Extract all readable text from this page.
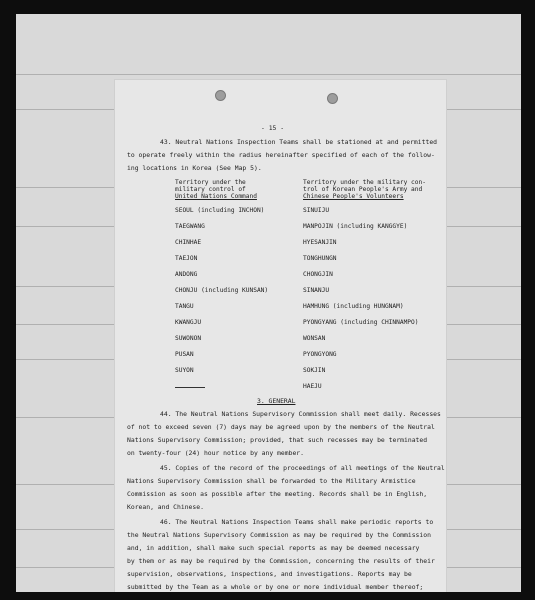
- 15 -
43. Neutral Nations Inspection Teams shall be stationed at and permitted
to operate freely within the radius hereinafter specified of each of the follow-
ing locations in Korea (See Map 5).
Territory under the
military control of
United Nations Command
Territory under the military con-
trol of Korean People's Army and
Chinese People's Volunteers
SEOUL (including INCHON)
TAEGWANG
CHINHAE
TAEJON
ANDONG
CHONJU (including KUNSAN)
TANGU
KWANGJU
SUWONON
PUSAN
SUYON
SINUIJU
MANPOJIN (including KANGGYE)
HYESANJIN
TONGHUNGN
CHONGJIN
SINANJU
HAMHUNG (including HUNGNAM)
PYONGYANG (including CHINNAMPO)
WONSAN
PYONGYONG
SOKJIN
HAEJU
3. GENERAL
44. The Neutral Nations Supervisory Commission shall meet daily. Recesses
of not to exceed seven (7) days may be agreed upon by the members of the Neutral
Nations Supervisory Commission; provided, that such recesses may be terminated
on twenty-four (24) hour notice by any member.
45. Copies of the record of the proceedings of all meetings of the Neutral
Nations Supervisory Commission shall be forwarded to the Military Armistice
Commission as soon as possible after the meeting. Records shall be in English,
Korean, and Chinese.
46. The Neutral Nations Inspection Teams shall make periodic reports to
the Neutral Nations Supervisory Commission as may be required by the Commission
and, in addition, shall make such special reports as may be deemed necessary
by them or as may be required by the Commission, concerning the results of their
supervision, observations, inspections, and investigations. Reports may be
submitted by the Team as a whole or by one or more individual member thereof;
